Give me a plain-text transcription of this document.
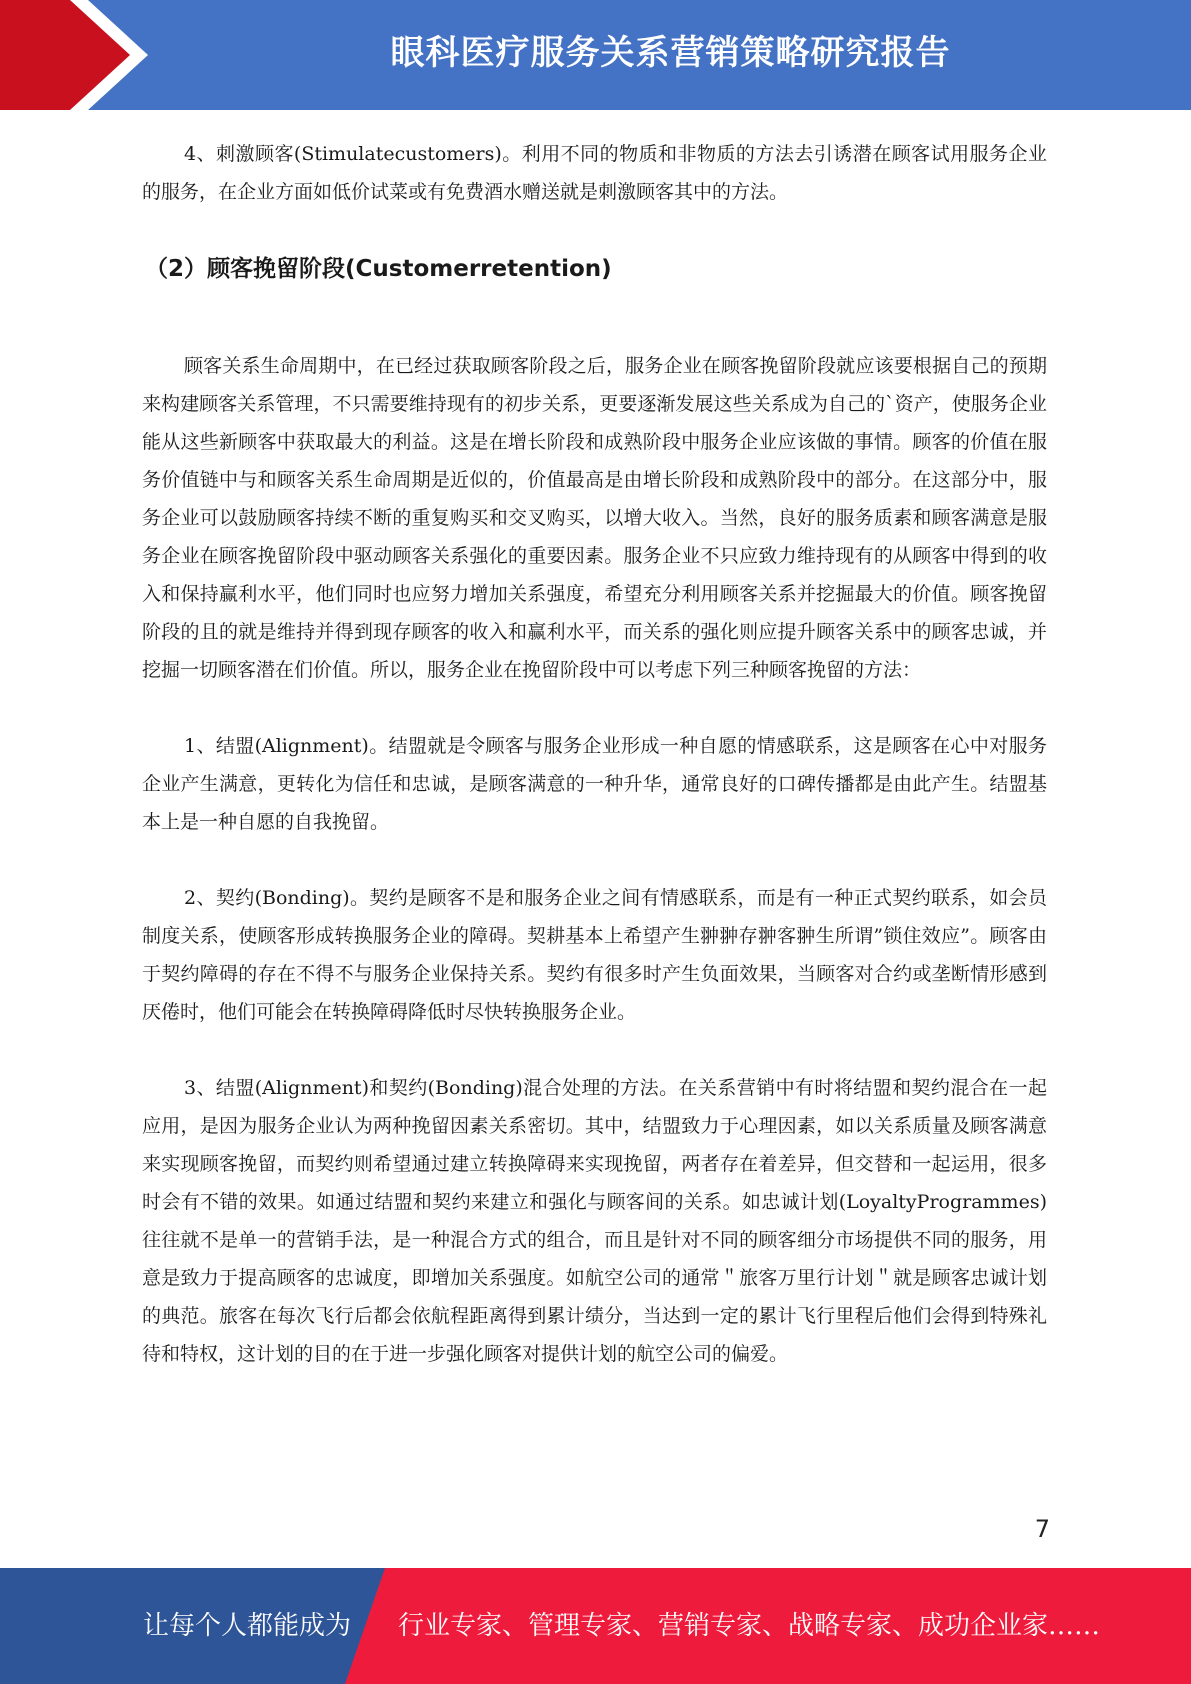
眼科医疗服务关系营销策略研究报告

4、刺激顾客(Stimulatecustomers)。利用不同的物质和非物质的方法去引诱潜在顾客试用服务企业的服务，在企业方面如低价试菜或有免费酒水赠送就是刺激顾客其中的方法。

（2）顾客挽留阶段(Customerretention)

顾客关系生命周期中，在已经过获取顾客阶段之后，服务企业在顾客挽留阶段就应该要根据自己的预期来构建顾客关系管理，不只需要维持现有的初步关系，更要逐渐发展这些关系成为自己的`资产，使服务企业能从这些新顾客中获取最大的利益。这是在增长阶段和成熟阶段中服务企业应该做的事情。顾客的价值在服务价值链中与和顾客关系生命周期是近似的，价值最高是由增长阶段和成熟阶段中的部分。在这部分中，服务企业可以鼓励顾客持续不断的重复购买和交叉购买，以增大收入。当然，良好的服务质素和顾客满意是服务企业在顾客挽留阶段中驱动顾客关系强化的重要因素。服务企业不只应致力维持现有的从顾客中得到的收入和保持赢利水平，他们同时也应努力增加关系强度，希望充分利用顾客关系并挖掘最大的价值。顾客挽留阶段的且的就是维持并得到现存顾客的收入和赢利水平，而关系的强化则应提升顾客关系中的顾客忠诚，并挖掘一切顾客潜在们价值。所以，服务企业在挽留阶段中可以考虑下列三种顾客挽留的方法：

1、结盟(Alignment)。结盟就是令顾客与服务企业形成一种自愿的情感联系，这是顾客在心中对服务企业产生满意，更转化为信任和忠诚，是顾客满意的一种升华，通常良好的口碑传播都是由此产生。结盟基本上是一种自愿的自我挽留。

2、契约(Bonding)。契约是顾客不是和服务企业之间有情感联系，而是有一种正式契约联系，如会员制度关系，使顾客形成转换服务企业的障碍。契耕基本上希望产生翀翀存翀客翀生所谓”锁住效应”。顾客由于契约障碍的存在不得不与服务企业保持关系。契约有很多时产生负面效果，当顾客对合约或垄断情形感到厌倦时，他们可能会在转换障碍降低时尽快转换服务企业。

3、结盟(Alignment)和契约(Bonding)混合处理的方法。在关系营销中有时将结盟和契约混合在一起应用，是因为服务企业认为两种挽留因素关系密切。其中，结盟致力于心理因素，如以关系质量及顾客满意来实现顾客挽留，而契约则希望通过建立转换障碍来实现挽留，两者存在着差异，但交替和一起运用，很多时会有不错的效果。如通过结盟和契约来建立和强化与顾客间的关系。如忠诚计划(LoyaltyProgrammes)往往就不是单一的营销手法，是一种混合方式的组合，而且是针对不同的顾客细分市场提供不同的服务，用意是致力于提高顾客的忠诚度，即增加关系强度。如航空公司的通常＂旅客万里行计划＂就是顾客忠诚计划的典范。旅客在每次飞行后都会依航程距离得到累计绩分，当达到一定的累计飞行里程后他们会得到特殊礼待和特权，这计划的目的在于进一步强化顾客对提供计划的航空公司的偏爱。

7
让每个人都能成为 行业专家、管理专家、营销专家、战略专家、成功企业家……
